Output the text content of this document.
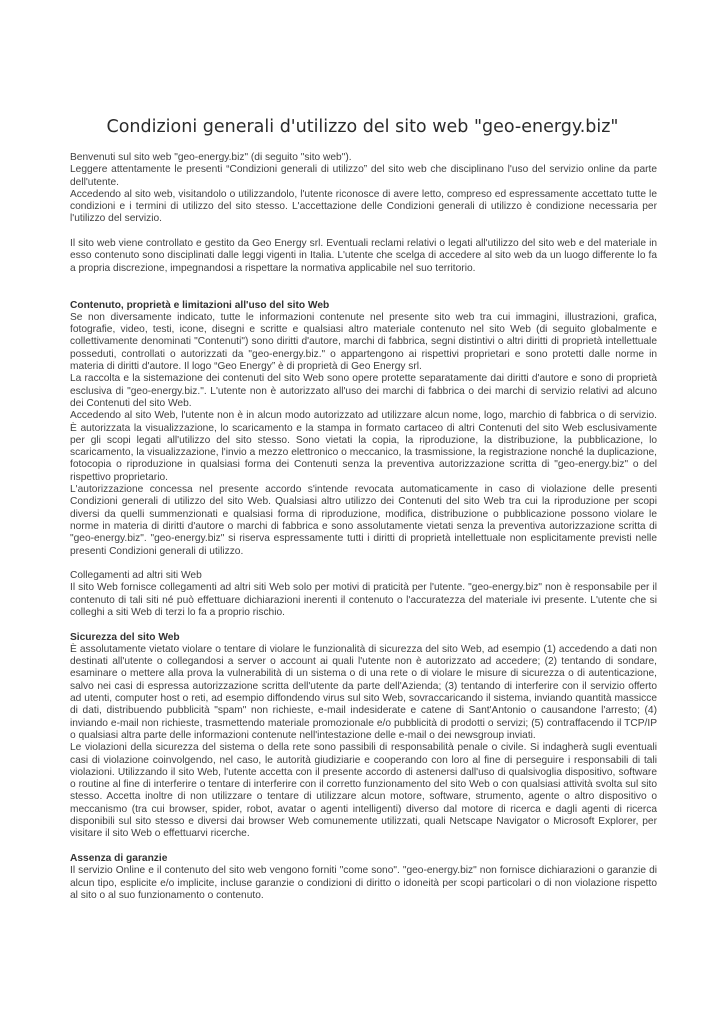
Condizioni generali d'utilizzo del sito web "geo-energy.biz"

Benvenuti sul sito web "geo-energy.biz" (di seguito "sito web").

Leggere attentamente le presenti “Condizioni generali di utilizzo” del sito web che disciplinano l'uso del servizio online da parte dell'utente.

Accedendo al sito web, visitandolo o utilizzandolo, l'utente riconosce di avere letto, compreso ed espressamente accettato tutte le condizioni e i termini di utilizzo del sito stesso. L'accettazione delle Condizioni generali di utilizzo è condizione necessaria per l'utilizzo del servizio.

Il sito web viene controllato e gestito da Geo Energy srl. Eventuali reclami relativi o legati all'utilizzo del sito web e del materiale in esso contenuto sono disciplinati dalle leggi vigenti in Italia. L'utente che scelga di accedere al sito web da un luogo differente lo fa a propria discrezione, impegnandosi a rispettare la normativa applicabile nel suo territorio.

Contenuto, proprietà e limitazioni all'uso del sito Web

Se non diversamente indicato, tutte le informazioni contenute nel presente sito web tra cui immagini, illustrazioni, grafica, fotografie, video, testi, icone, disegni e scritte e qualsiasi altro materiale contenuto nel sito Web (di seguito globalmente e collettivamente denominati "Contenuti") sono diritti d'autore, marchi di fabbrica, segni distintivi o altri diritti di proprietà intellettuale posseduti, controllati o autorizzati da "geo-energy.biz." o appartengono ai rispettivi proprietari e sono protetti dalle norme in materia di diritti d'autore. Il logo “Geo Energy” è di proprietà di Geo Energy srl.

La raccolta e la sistemazione dei contenuti del sito Web sono opere protette separatamente dai diritti d'autore e sono di proprietà esclusiva di "geo-energy.biz.". L'utente non è autorizzato all'uso dei marchi di fabbrica o dei marchi di servizio relativi ad alcuno dei Contenuti del sito Web.

Accedendo al sito Web, l'utente non è in alcun modo autorizzato ad utilizzare alcun nome, logo, marchio di fabbrica o di servizio. È autorizzata la visualizzazione, lo scaricamento e la stampa in formato cartaceo di altri Contenuti del sito Web esclusivamente per gli scopi legati all'utilizzo del sito stesso. Sono vietati la copia, la riproduzione, la distribuzione, la pubblicazione, lo scaricamento, la visualizzazione, l'invio a mezzo elettronico o meccanico, la trasmissione, la registrazione nonché la duplicazione, fotocopia o riproduzione in qualsiasi forma dei Contenuti senza la preventiva autorizzazione scritta di "geo-energy.biz" o del rispettivo proprietario.

L'autorizzazione concessa nel presente accordo s'intende revocata automaticamente in caso di violazione delle presenti Condizioni generali di utilizzo del sito Web. Qualsiasi altro utilizzo dei Contenuti del sito Web tra cui la riproduzione per scopi diversi da quelli summenzionati e qualsiasi forma di riproduzione, modifica, distribuzione o pubblicazione possono violare le norme in materia di diritti d'autore o marchi di fabbrica e sono assolutamente vietati senza la preventiva autorizzazione scritta di "geo-energy.biz". "geo-energy.biz" si riserva espressamente tutti i diritti di proprietà intellettuale non esplicitamente previsti nelle presenti Condizioni generali di utilizzo.

Collegamenti ad altri siti Web

Il sito Web fornisce collegamenti ad altri siti Web solo per motivi di praticità per l'utente. "geo-energy.biz" non è responsabile per il contenuto di tali siti né può effettuare dichiarazioni inerenti il contenuto o l'accuratezza del materiale ivi presente. L'utente che si colleghi a siti Web di terzi lo fa a proprio rischio.

Sicurezza del sito Web

È assolutamente vietato violare o tentare di violare le funzionalità di sicurezza del sito Web, ad esempio (1) accedendo a dati non destinati all'utente o collegandosi a server o account ai quali l'utente non è autorizzato ad accedere; (2) tentando di sondare, esaminare o mettere alla prova la vulnerabilità di un sistema o di una rete o di violare le misure di sicurezza o di autenticazione, salvo nei casi di espressa autorizzazione scritta dell'utente da parte dell'Azienda; (3) tentando di interferire con il servizio offerto ad utenti, computer host o reti, ad esempio diffondendo virus sul sito Web, sovraccaricando il sistema, inviando quantità massicce di dati, distribuendo pubblicità "spam" non richieste, e-mail indesiderate e catene di Sant'Antonio o causandone l'arresto; (4) inviando e-mail non richieste, trasmettendo materiale promozionale e/o pubblicità di prodotti o servizi; (5) contraffacendo il TCP/IP o qualsiasi altra parte delle informazioni contenute nell'intestazione delle e-mail o dei newsgroup inviati.

Le violazioni della sicurezza del sistema o della rete sono passibili di responsabilità penale o civile. Si indagherà sugli eventuali casi di violazione coinvolgendo, nel caso, le autorità giudiziarie e cooperando con loro al fine di perseguire i responsabili di tali violazioni. Utilizzando il sito Web, l'utente accetta con il presente accordo di astenersi dall'uso di qualsivoglia dispositivo, software o routine al fine di interferire o tentare di interferire con il corretto funzionamento del sito Web o con qualsiasi attività svolta sul sito stesso. Accetta inoltre di non utilizzare o tentare di utilizzare alcun motore, software, strumento, agente o altro dispositivo o meccanismo (tra cui browser, spider, robot, avatar o agenti intelligenti) diverso dal motore di ricerca e dagli agenti di ricerca disponibili sul sito stesso e diversi dai browser Web comunemente utilizzati, quali Netscape Navigator o Microsoft Explorer, per visitare il sito Web o effettuarvi ricerche.

Assenza di garanzie

Il servizio Online e il contenuto del sito web vengono forniti "come sono". "geo-energy.biz" non fornisce dichiarazioni o garanzie di alcun tipo, esplicite e/o implicite, incluse garanzie o condizioni di diritto o idoneità per scopi particolari o di non violazione rispetto al sito o al suo funzionamento o contenuto.
